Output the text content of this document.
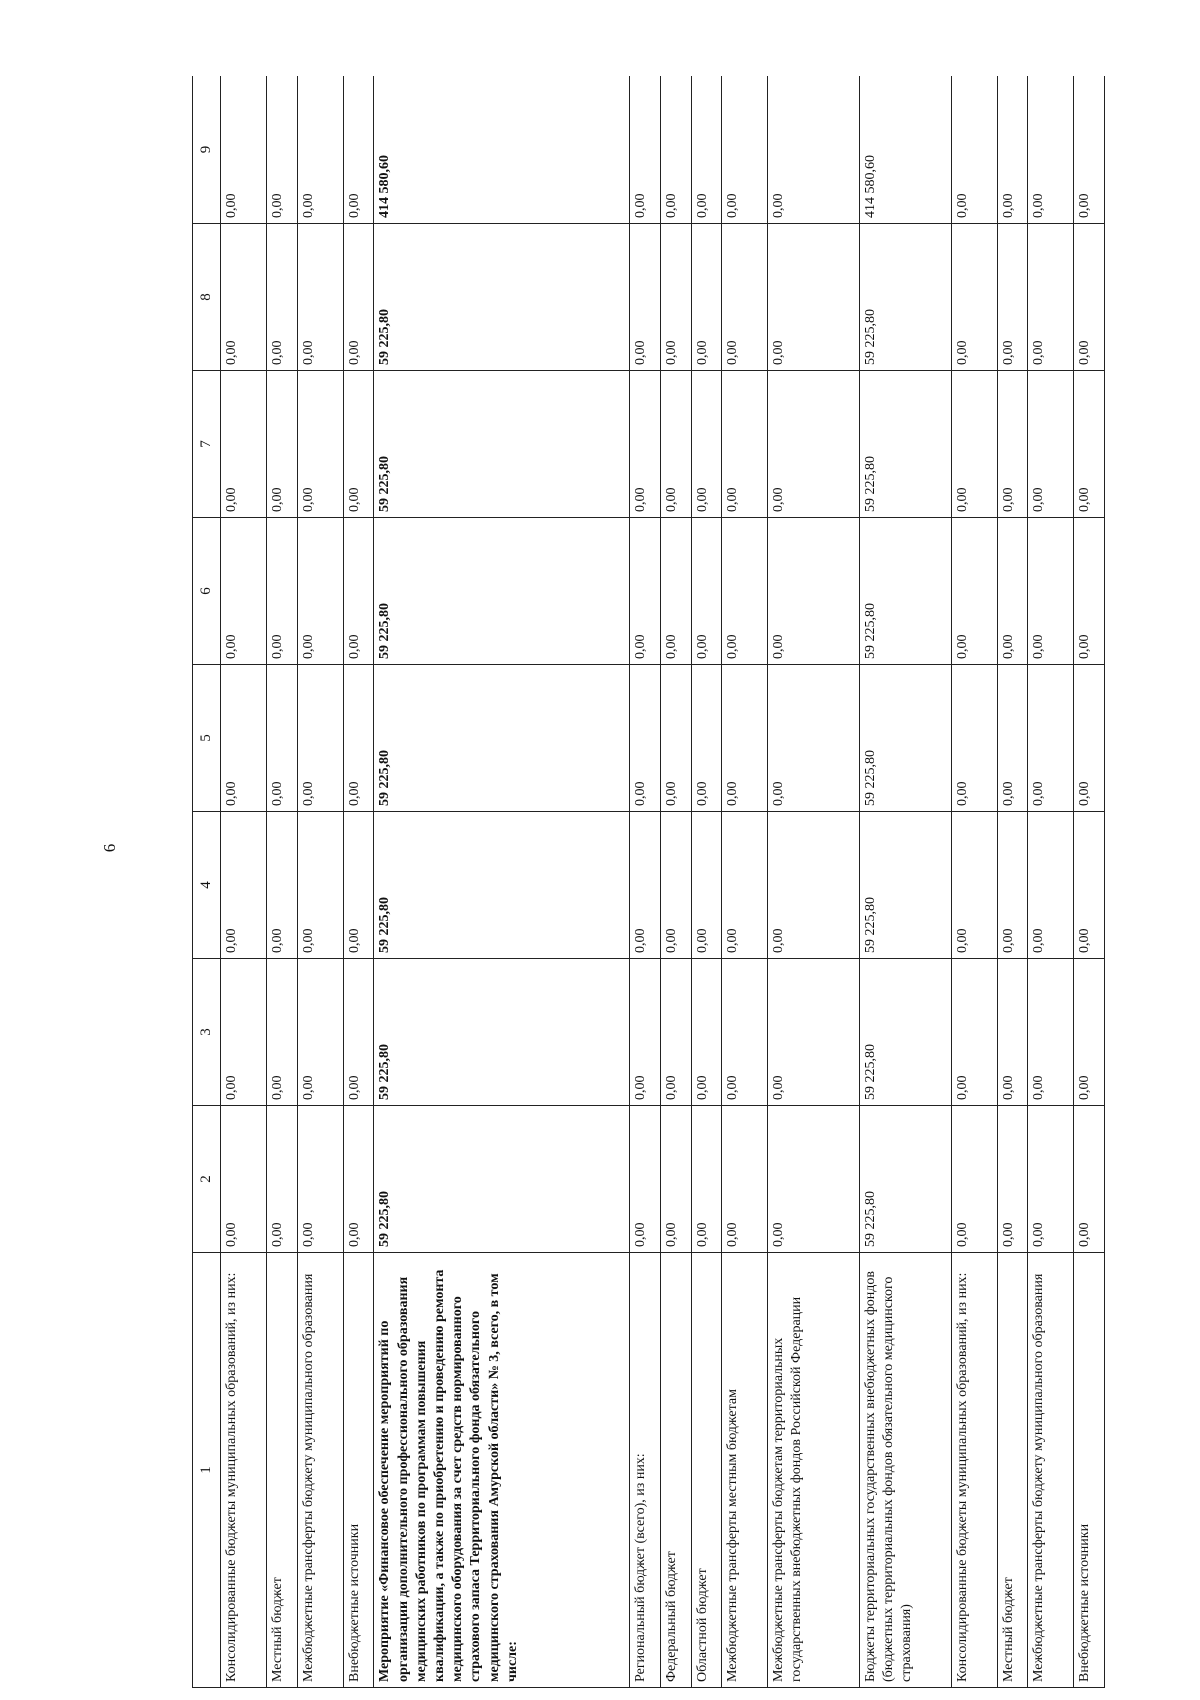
6
1	2	3	4	5	6	7	8	9
Консолидированные бюджеты муниципальных образований, из них:	0,00	0,00	0,00	0,00	0,00	0,00	0,00	0,00
Местный бюджет	0,00	0,00	0,00	0,00	0,00	0,00	0,00	0,00
Межбюджетные трансферты бюджету муниципального образования	0,00	0,00	0,00	0,00	0,00	0,00	0,00	0,00
Внебюджетные источники	0,00	0,00	0,00	0,00	0,00	0,00	0,00	0,00
Мероприятие «Финансовое обеспечение мероприятий по организации дополнительного профессионального образования медицинских работников по программам повышения квалификации, а также по приобретению и проведению ремонта медицинского оборудования за счет средств нормированного страхового запаса Территориального фонда обязательного медицинского страхования Амурской области» № 3, всего, в том числе:	59 225,80	59 225,80	59 225,80	59 225,80	59 225,80	59 225,80	59 225,80	414 580,60
Региональный бюджет (всего), из них:	0,00	0,00	0,00	0,00	0,00	0,00	0,00	0,00
Федеральный бюджет	0,00	0,00	0,00	0,00	0,00	0,00	0,00	0,00
Областной бюджет	0,00	0,00	0,00	0,00	0,00	0,00	0,00	0,00
Межбюджетные трансферты местным бюджетам	0,00	0,00	0,00	0,00	0,00	0,00	0,00	0,00
Межбюджетные трансферты бюджетам территориальных государственных внебюджетных фондов Российской Федерации	0,00	0,00	0,00	0,00	0,00	0,00	0,00	0,00
Бюджеты территориальных государственных внебюджетных фондов (бюджетных территориальных фондов обязательного медицинского страхования)	59 225,80	59 225,80	59 225,80	59 225,80	59 225,80	59 225,80	59 225,80	414 580,60
Консолидированные бюджеты муниципальных образований, из них:	0,00	0,00	0,00	0,00	0,00	0,00	0,00	0,00
Местный бюджет	0,00	0,00	0,00	0,00	0,00	0,00	0,00	0,00
Межбюджетные трансферты бюджету муниципального образования	0,00	0,00	0,00	0,00	0,00	0,00	0,00	0,00
Внебюджетные источники	0,00	0,00	0,00	0,00	0,00	0,00	0,00	0,00
